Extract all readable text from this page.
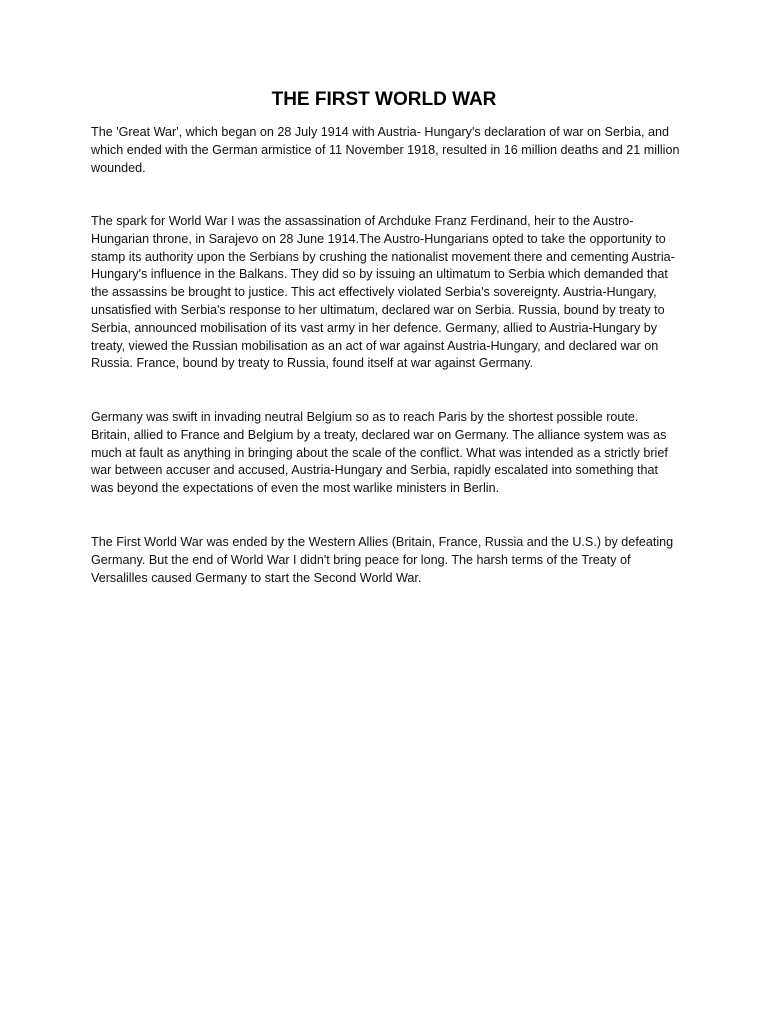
THE FIRST WORLD WAR

The 'Great War', which began on 28 July 1914 with Austria- Hungary's declaration of war on Serbia, and which ended with the German armistice of 11 November 1918, resulted in 16 million deaths and 21 million wounded.

The spark for World War I was the assassination of Archduke Franz Ferdinand, heir to the Austro-Hungarian throne, in Sarajevo on 28 June 1914.The Austro-Hungarians opted to take the opportunity to stamp its authority upon the Serbians by crushing the nationalist movement there and cementing Austria-Hungary's influence in the Balkans. They did so by issuing an ultimatum to Serbia which demanded that the assassins be brought to justice. This act effectively violated Serbia's sovereignty. Austria-Hungary, unsatisfied with Serbia's response to her ultimatum, declared war on Serbia. Russia, bound by treaty to Serbia, announced mobilisation of its vast army in her defence. Germany, allied to Austria-Hungary by treaty, viewed the Russian mobilisation as an act of war against Austria-Hungary, and declared war on Russia. France, bound by treaty to Russia, found itself at war against Germany.

Germany was swift in invading neutral Belgium so as to reach Paris by the shortest possible route. Britain, allied to France and Belgium by a treaty, declared war on Germany. The alliance system was as much at fault as anything in bringing about the scale of the conflict. What was intended as a strictly brief war between accuser and accused, Austria-Hungary and Serbia, rapidly escalated into something that was beyond the expectations of even the most warlike ministers in Berlin.

The First World War was ended by the Western Allies (Britain, France, Russia and the U.S.) by defeating Germany. But the end of World War I didn't bring peace for long. The harsh terms of the Treaty of Versalilles caused Germany to start the Second World War.
